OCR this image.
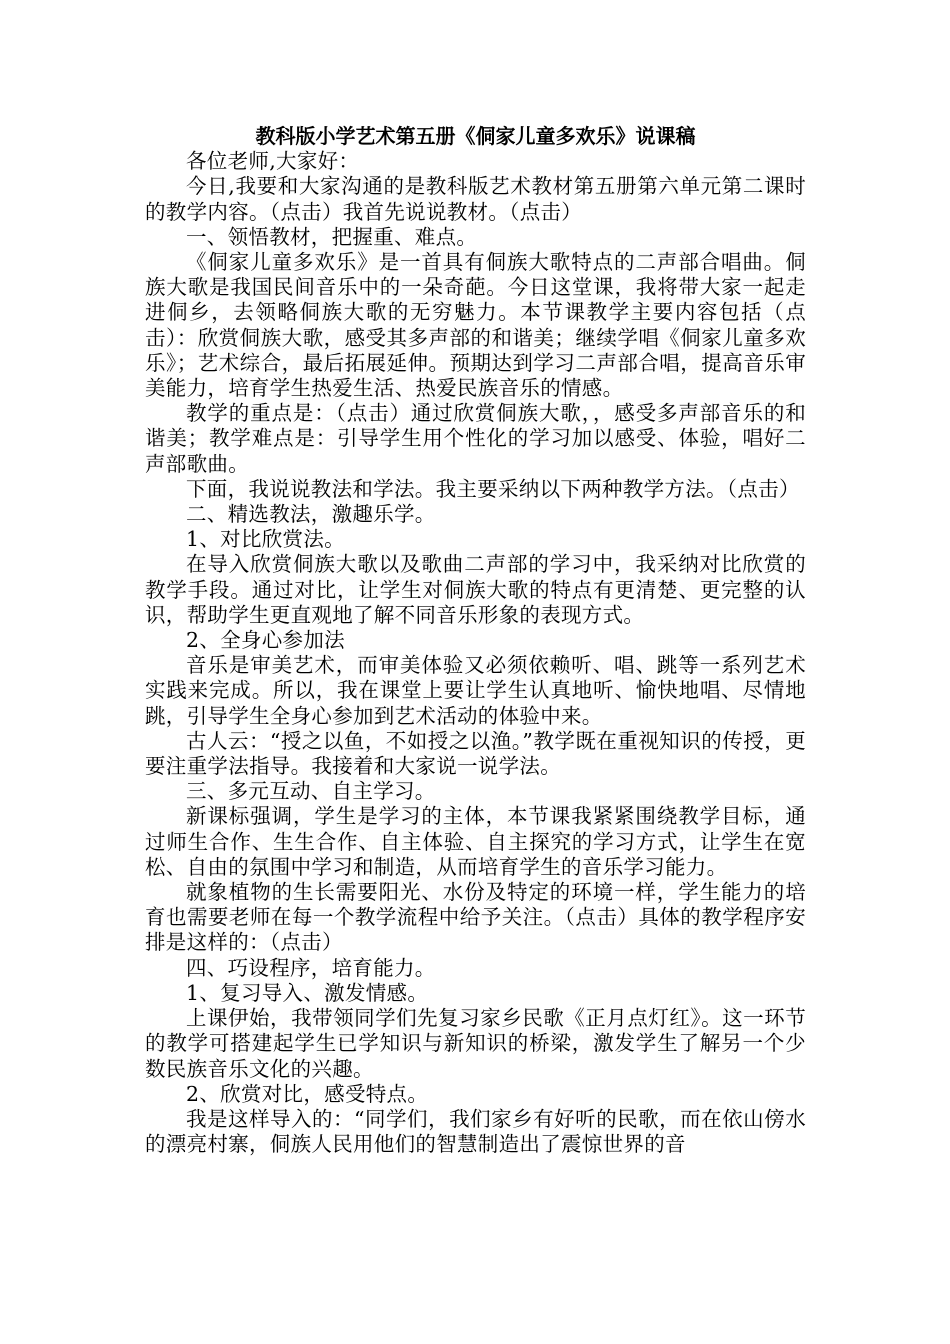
教科版小学艺术第五册《侗家儿童多欢乐》说课稿

各位老师,大家好：

今日,我要和大家沟通的是教科版艺术教材第五册第六单元第二课时的教学内容。（点击）我首先说说教材。（点击）

一、领悟教材，把握重、难点。

《侗家儿童多欢乐》是一首具有侗族大歌特点的二声部合唱曲。侗族大歌是我国民间音乐中的一朵奇葩。今日这堂课，我将带大家一起走进侗乡，去领略侗族大歌的无穷魅力。本节课教学主要内容包括（点击）：欣赏侗族大歌，感受其多声部的和谐美；继续学唱《侗家儿童多欢乐》；艺术综合，最后拓展延伸。预期达到学习二声部合唱，提高音乐审美能力，培育学生热爱生活、热爱民族音乐的情感。

教学的重点是：（点击）通过欣赏侗族大歌，，感受多声部音乐的和谐美；教学难点是：引导学生用个性化的学习加以感受、体验，唱好二声部歌曲。

下面，我说说教法和学法。我主要采纳以下两种教学方法。（点击）

二、精选教法，激趣乐学。

1、对比欣赏法。

在导入欣赏侗族大歌以及歌曲二声部的学习中，我采纳对比欣赏的教学手段。通过对比，让学生对侗族大歌的特点有更清楚、更完整的认识，帮助学生更直观地了解不同音乐形象的表现方式。

2、全身心参加法

音乐是审美艺术，而审美体验又必须依赖听、唱、跳等一系列艺术实践来完成。所以，我在课堂上要让学生认真地听、愉快地唱、尽情地跳，引导学生全身心参加到艺术活动的体验中来。

古人云：“授之以鱼，不如授之以渔。”教学既在重视知识的传授，更要注重学法指导。我接着和大家说一说学法。

三、多元互动、自主学习。

新课标强调，学生是学习的主体，本节课我紧紧围绕教学目标，通过师生合作、生生合作、自主体验、自主探究的学习方式，让学生在宽松、自由的氛围中学习和制造，从而培育学生的音乐学习能力。

就象植物的生长需要阳光、水份及特定的环境一样，学生能力的培育也需要老师在每一个教学流程中给予关注。（点击）具体的教学程序安排是这样的：（点击）

四、巧设程序，培育能力。

1、复习导入、激发情感。

上课伊始，我带领同学们先复习家乡民歌《正月点灯红》。这一环节的教学可搭建起学生已学知识与新知识的桥梁，激发学生了解另一个少数民族音乐文化的兴趣。

2、欣赏对比，感受特点。

我是这样导入的：“同学们，我们家乡有好听的民歌，而在依山傍水的漂亮村寨，侗族人民用他们的智慧制造出了震惊世界的音
